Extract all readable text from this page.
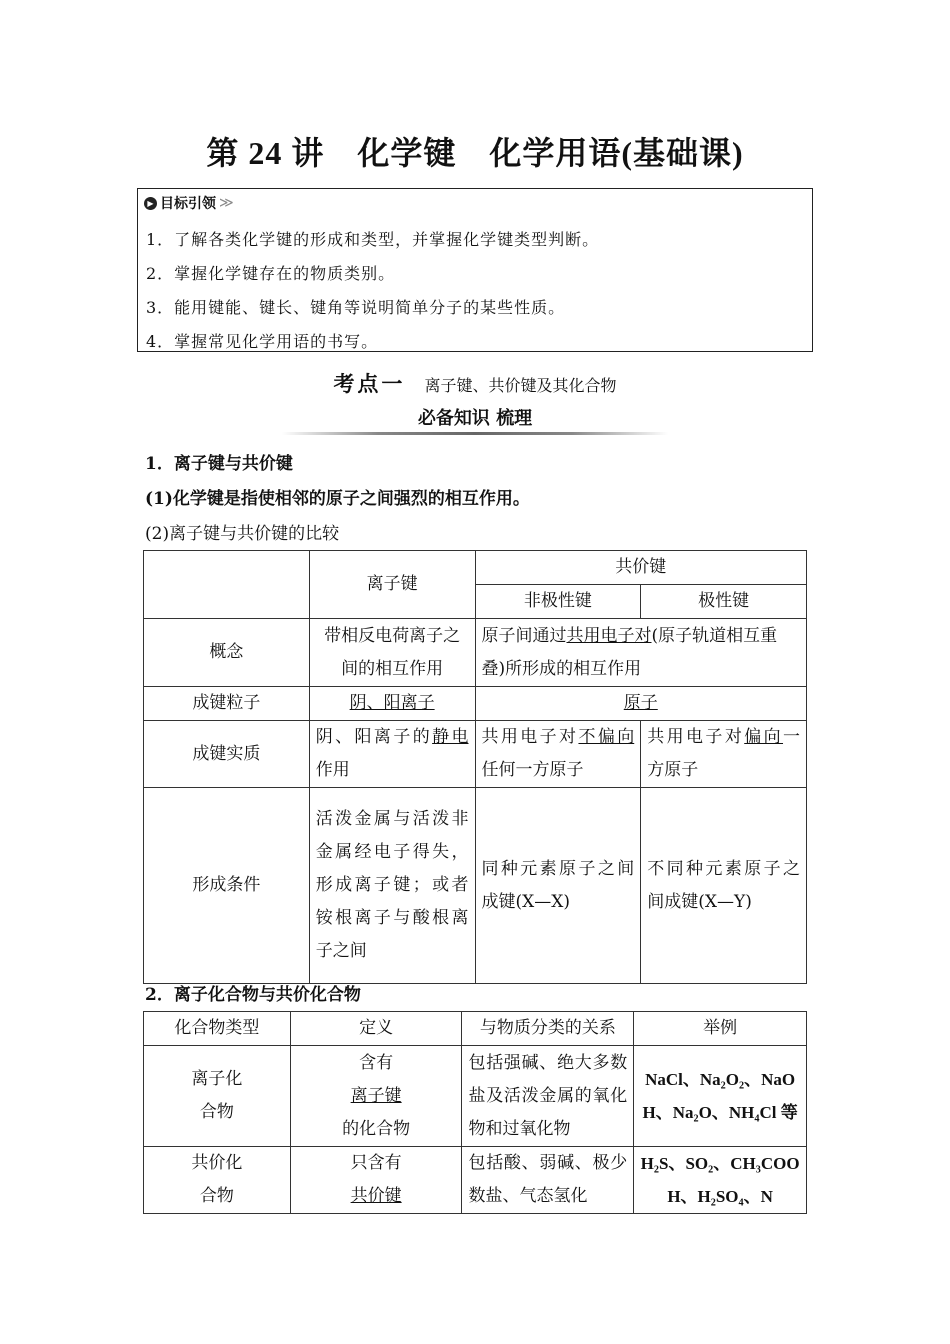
第 24 讲　化学键　化学用语(基础课)
▶ 目标引领 ≫
1．了解各类化学键的形成和类型，并掌握化学键类型判断。
2．掌握化学键存在的物质类别。
3．能用键能、键长、键角等说明简单分子的某些性质。
4．掌握常见化学用语的书写。
考点一 离子键、共价键及其化合物
必备知识 梳理
1．离子键与共价键
(1)化学键是指使相邻的原子之间强烈的相互作用。
(2)离子键与共价键的比较
	离子键	共价键	
		非极性键	极性键
概念	带相反电荷离子之间的相互作用	原子间通过共用电子对(原子轨道相互重叠)所形成的相互作用	
成键粒子	阴、阳离子	原子	
成键实质	阴、阳离子的静电作用	共用电子对不偏向任何一方原子	共用电子对偏向一方原子
形成条件	活泼金属与活泼非金属经电子得失，形成离子键；或者铵根离子与酸根离子之间	同种元素原子之间成键(X—X)	不同种元素原子之间成键(X—Y)
2．离子化合物与共价化合物
化合物类型	定义	与物质分类的关系	举例
离子化
合物	含有
离子键
的化合物	包括强碱、绝大多数盐及活泼金属的氧化物和过氧化物	NaCl、Na₂O₂、NaOH、Na₂O、NH₄Cl 等
共价化
合物	只含有
共价键	包括酸、弱碱、极少数盐、气态氢化	H₂S、SO₂、CH₃COOH、H₂SO₄、N
